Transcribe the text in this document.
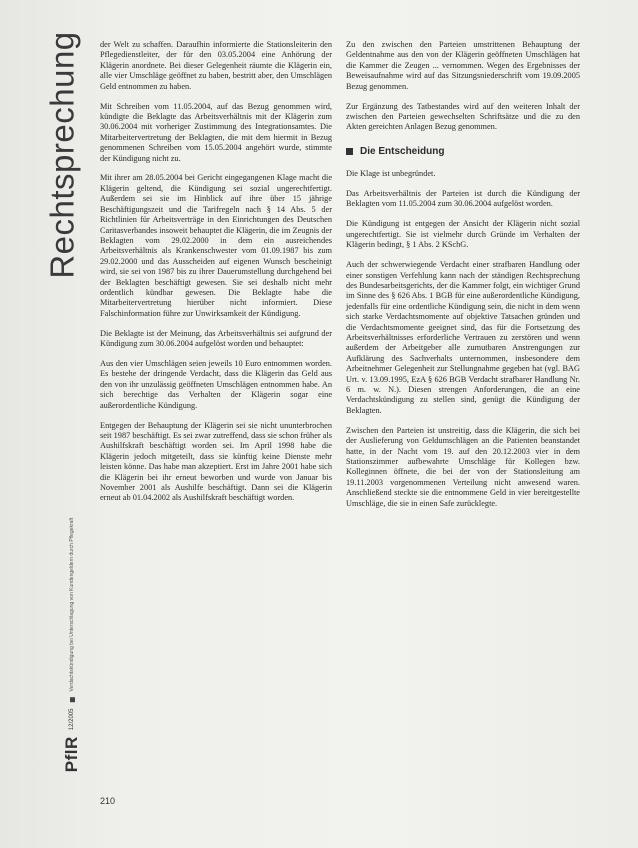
Rechtsprechung
PflR
12/2005
Verdachtskündigung bei Unterschlagung von Kundengeldern durch Pflegekraft

der Welt zu schaffen. Daraufhin informierte die Stationsleiterin den Pflegedienstleiter, der für den 03.05.2004 eine Anhörung der Klägerin anordnete. Bei dieser Gelegenheit räumte die Klägerin ein, alle vier Umschläge geöffnet zu haben, bestritt aber, den Umschlägen Geld entnommen zu haben.

Mit Schreiben vom 11.05.2004, auf das Bezug genommen wird, kündigte die Beklagte das Arbeitsverhältnis mit der Klägerin zum 30.06.2004 mit vorheriger Zustimmung des Integrationsamtes. Die Mitarbeitervertretung der Beklagten, die mit dem hiermit in Bezug genommenen Schreiben vom 15.05.2004 angehört wurde, stimmte der Kündigung nicht zu.

Mit ihrer am 28.05.2004 bei Gericht eingegangenen Klage macht die Klägerin geltend, die Kündigung sei sozial ungerechtfertigt. Außerdem sei sie im Hinblick auf ihre über 15 jährige Beschäftigungszeit und die Tarifregeln nach § 14 Abs. 5 der Richtlinien für Arbeitsverträge in den Einrichtungen des Deutschen Caritasverbandes insoweit behauptet die Klägerin, die im Zeugnis der Beklagten vom 29.02.2000 in dem ein ausreichendes Arbeitsverhältnis als Krankenschwester vom 01.09.1987 bis zum 29.02.2000 und das Ausscheiden auf eigenen Wunsch bescheinigt wird, sie sei von 1987 bis zu ihrer Dauerumstellung durchgehend bei der Beklagten beschäftigt gewesen. Sie sei deshalb nicht mehr ordentlich kündbar gewesen. Die Beklagte habe die Mitarbeitervertretung hierüber nicht informiert. Diese Falschinformation führe zur Unwirksamkeit der Kündigung.

Die Beklagte ist der Meinung, das Arbeitsverhältnis sei aufgrund der Kündigung zum 30.06.2004 aufgelöst worden und behauptet:

Aus den vier Umschlägen seien jeweils 10 Euro entnommen worden. Es bestehe der dringende Verdacht, dass die Klägerin das Geld aus den von ihr unzulässig geöffneten Umschlägen entnommen habe. An sich berechtige das Verhalten der Klägerin sogar eine außerordentliche Kündigung.

Entgegen der Behauptung der Klägerin sei sie nicht ununterbrochen seit 1987 beschäftigt. Es sei zwar zutreffend, dass sie schon früher als Aushilfskraft beschäftigt worden sei. Im April 1998 habe die Klägerin jedoch mitgeteilt, dass sie künftig keine Dienste mehr leisten könne. Das habe man akzeptiert. Erst im Jahre 2001 habe sich die Klägerin bei ihr erneut beworben und wurde von Januar bis November 2001 als Aushilfe beschäftigt. Dann sei die Klägerin erneut ab 01.04.2002 als Aushilfskraft beschäftigt worden.

Zu den zwischen den Parteien umstrittenen Behauptung der Geldentnahme aus den von der Klägerin geöffneten Umschlägen hat die Kammer die Zeugen ... vernommen. Wegen des Ergebnisses der Beweisaufnahme wird auf das Sitzungsniederschrift vom 19.09.2005 Bezug genommen.

Zur Ergänzung des Tatbestandes wird auf den weiteren Inhalt der zwischen den Parteien gewechselten Schriftsätze und die zu den Akten gereichten Anlagen Bezug genommen.

Die Entscheidung

Die Klage ist unbegründet.

Das Arbeitsverhältnis der Parteien ist durch die Kündigung der Beklagten vom 11.05.2004 zum 30.06.2004 aufgelöst worden.

Die Kündigung ist entgegen der Ansicht der Klägerin nicht sozial ungerechtfertigt. Sie ist vielmehr durch Gründe im Verhalten der Klägerin bedingt, § 1 Abs. 2 KSchG.

Auch der schwerwiegende Verdacht einer strafbaren Handlung oder einer sonstigen Verfehlung kann nach der ständigen Rechtsprechung des Bundesarbeitsgerichts, der die Kammer folgt, ein wichtiger Grund im Sinne des § 626 Abs. 1 BGB für eine außerordentliche Kündigung, jedenfalls für eine ordentliche Kündigung sein, die nicht in dem wenn sich starke Verdachtsmomente auf objektive Tatsachen gründen und die Verdachtsmomente geeignet sind, das für die Fortsetzung des Arbeitsverhältnisses erforderliche Vertrauen zu zerstören und wenn außerdem der Arbeitgeber alle zumutbaren Anstrengungen zur Aufklärung des Sachverhalts unternommen, insbesondere dem Arbeitnehmer Gelegenheit zur Stellungnahme gegeben hat (vgl. BAG Urt. v. 13.09.1995, EzA § 626 BGB Verdacht strafbarer Handlung Nr. 6 m. w. N.). Diesen strengen Anforderungen, die an eine Verdachtskündigung zu stellen sind, genügt die Kündigung der Beklagten.

Zwischen den Parteien ist unstreitig, dass die Klägerin, die sich bei der Auslieferung von Geldumschlägen an die Patienten beanstandet hatte, in der Nacht vom 19. auf den 20.12.2003 vier in dem Stationszimmer aufbewahrte Umschläge für Kollegen bzw. Kolleginnen öffnete, die bei der von der Stationsleitung am 19.11.2003 vorgenommenen Verteilung nicht anwesend waren. Anschließend steckte sie die entnommene Geld in vier bereitgestellte Umschläge, die sie in einen Safe zurücklegte.

210
